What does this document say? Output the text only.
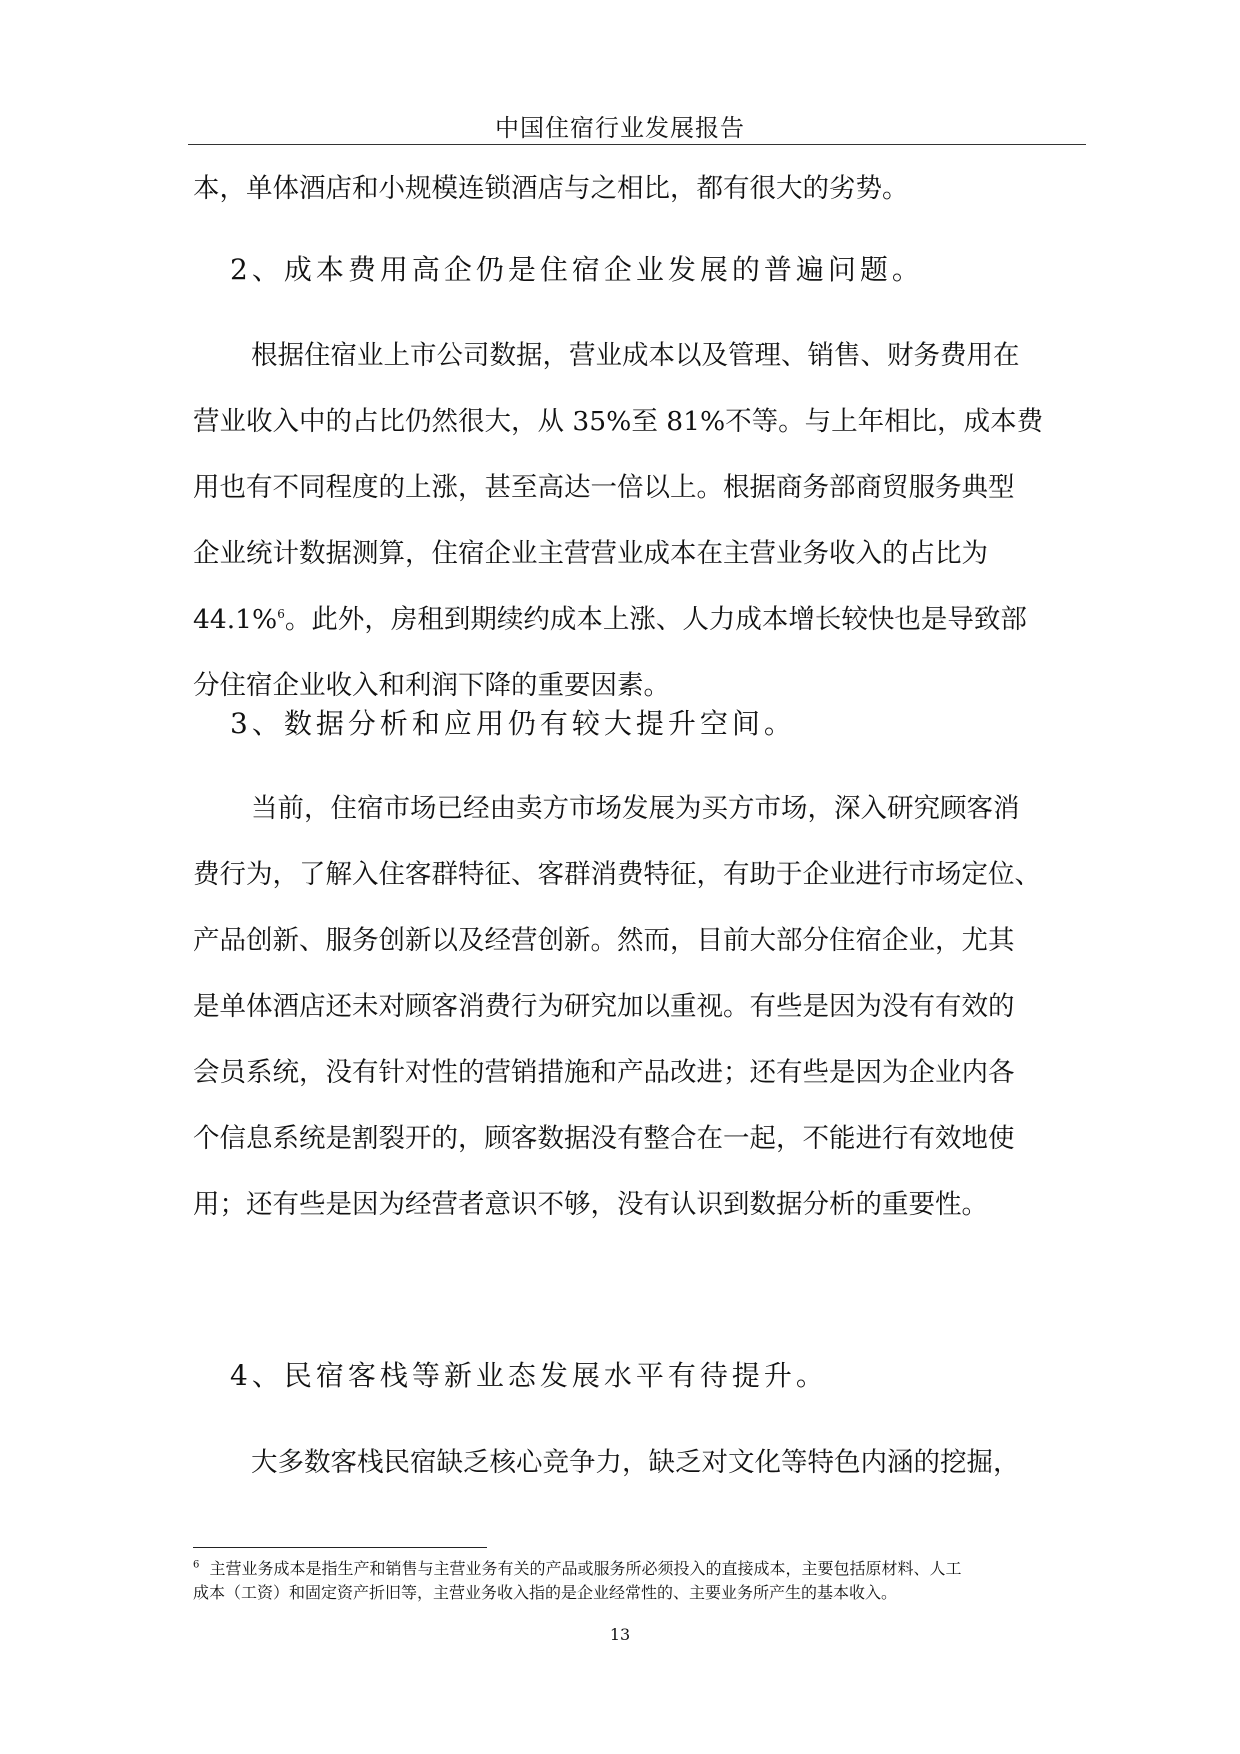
中国住宿行业发展报告

本，单体酒店和小规模连锁酒店与之相比，都有很大的劣势。

2、成本费用高企仍是住宿企业发展的普遍问题。

根据住宿业上市公司数据，营业成本以及管理、销售、财务费用在

营业收入中的占比仍然很大，从 35%至 81%不等。与上年相比，成本费

用也有不同程度的上涨，甚至高达一倍以上。根据商务部商贸服务典型

企业统计数据测算，住宿企业主营营业成本在主营业务收入的占比为

44.1%$^6$。此外，房租到期续约成本上涨、人力成本增长较快也是导致部

分住宿企业收入和利润下降的重要因素。

3、数据分析和应用仍有较大提升空间。

当前，住宿市场已经由卖方市场发展为买方市场，深入研究顾客消

费行为，了解入住客群特征、客群消费特征，有助于企业进行市场定位、

产品创新、服务创新以及经营创新。然而，目前大部分住宿企业，尤其

是单体酒店还未对顾客消费行为研究加以重视。有些是因为没有有效的

会员系统，没有针对性的营销措施和产品改进；还有些是因为企业内各

个信息系统是割裂开的，顾客数据没有整合在一起，不能进行有效地使

用；还有些是因为经营者意识不够，没有认识到数据分析的重要性。

4、民宿客栈等新业态发展水平有待提升。

大多数客栈民宿缺乏核心竞争力，缺乏对文化等特色内涵的挖掘，

$^6$ 主营业务成本是指生产和销售与主营业务有关的产品或服务所必须投入的直接成本，主要包括原材料、人工
成本（工资）和固定资产折旧等，主营业务收入指的是企业经常性的、主要业务所产生的基本收入。
13
